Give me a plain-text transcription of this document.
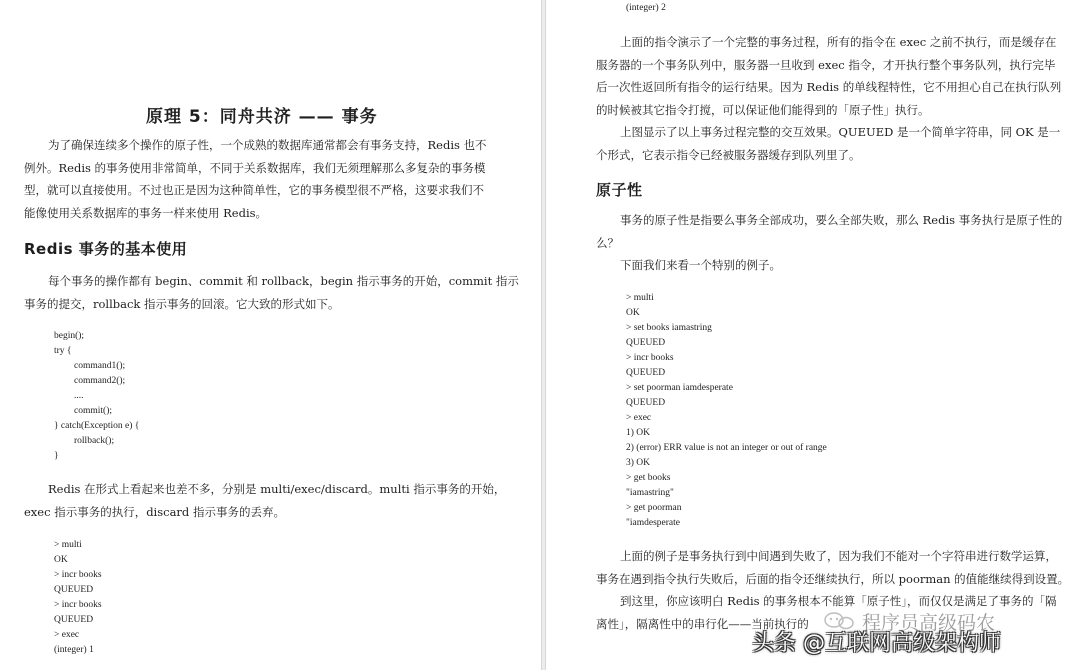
原理 5：同舟共济 —— 事务
为了确保连续多个操作的原子性，一个成熟的数据库通常都会有事务支持，Redis 也不
例外。Redis 的事务使用非常简单，不同于关系数据库，我们无须理解那么多复杂的事务模
型，就可以直接使用。不过也正是因为这种简单性，它的事务模型很不严格，这要求我们不
能像使用关系数据库的事务一样来使用 Redis。
Redis 事务的基本使用
每个事务的操作都有 begin、commit 和 rollback，begin 指示事务的开始，commit 指示
事务的提交，rollback 指示事务的回滚。它大致的形式如下。
begin();
try {
command1();
command2();
....
commit();
} catch(Exception e) {
rollback();
}
Redis 在形式上看起来也差不多，分别是 multi/exec/discard。multi 指示事务的开始，
exec 指示事务的执行，discard 指示事务的丢弃。
> multi
OK
> incr books
QUEUED
> incr books
QUEUED
> exec
(integer) 1
(integer) 2
上面的指令演示了一个完整的事务过程，所有的指令在 exec 之前不执行，而是缓存在
服务器的一个事务队列中，服务器一旦收到 exec 指令，才开执行整个事务队列，执行完毕
后一次性返回所有指令的运行结果。因为 Redis 的单线程特性，它不用担心自己在执行队列
的时候被其它指令打搅，可以保证他们能得到的「原子性」执行。
上图显示了以上事务过程完整的交互效果。QUEUED 是一个简单字符串，同 OK 是一
个形式，它表示指令已经被服务器缓存到队列里了。
原子性
事务的原子性是指要么事务全部成功，要么全部失败，那么 Redis 事务执行是原子性的
么？
下面我们来看一个特别的例子。
> multi
OK
> set books iamastring
QUEUED
> incr books
QUEUED
> set poorman iamdesperate
QUEUED
> exec
1) OK
2) (error) ERR value is not an integer or out of range
3) OK
> get books
"iamastring"
> get poorman
"iamdesperate
上面的例子是事务执行到中间遇到失败了，因为我们不能对一个字符串进行数学运算，
事务在遇到指令执行失败后，后面的指令还继续执行，所以 poorman 的值能继续得到设置。
到这里，你应该明白 Redis 的事务根本不能算「原子性」，而仅仅是满足了事务的「隔
离性」，隔离性中的串行化——当前执行的	程序员高级码农
头条 @互联网高级架构师
